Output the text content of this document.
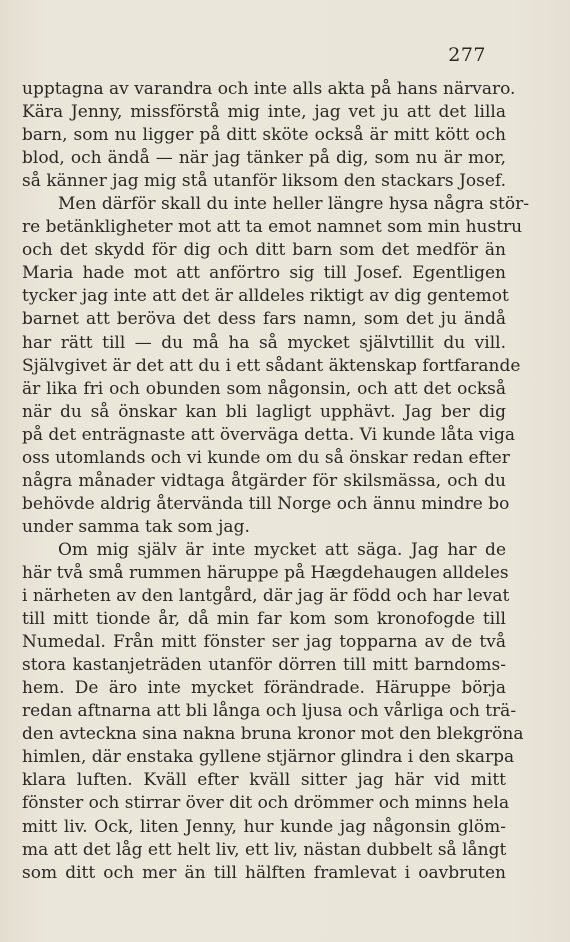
277
upptagna av varandra och inte alls akta på hans närvaro.
Kära Jenny, missförstå mig inte, jag vet ju att det lilla
barn, som nu ligger på ditt sköte också är mitt kött och
blod, och ändå — när jag tänker på dig, som nu är mor,
så känner jag mig stå utanför liksom den stackars Josef.
Men därför skall du inte heller längre hysa några stör-
re betänkligheter mot att ta emot namnet som min hustru
och det skydd för dig och ditt barn som det medför än
Maria hade mot att anförtro sig till Josef. Egentligen
tycker jag inte att det är alldeles riktigt av dig gentemot
barnet att beröva det dess fars namn, som det ju ändå
har rätt till — du må ha så mycket självtillit du vill.
Självgivet är det att du i ett sådant äktenskap fortfarande
är lika fri och obunden som någonsin, och att det också
när du så önskar kan bli lagligt upphävt. Jag ber dig
på det enträgnaste att överväga detta. Vi kunde låta viga
oss utomlands och vi kunde om du så önskar redan efter
några månader vidtaga åtgärder för skilsmässa, och du
behövde aldrig återvända till Norge och ännu mindre bo
under samma tak som jag.
Om mig själv är inte mycket att säga. Jag har de
här två små rummen häruppe på Hægdehaugen alldeles
i närheten av den lantgård, där jag är född och har levat
till mitt tionde år, då min far kom som kronofogde till
Numedal. Från mitt fönster ser jag topparna av de två
stora kastanjeträden utanför dörren till mitt barndoms-
hem. De äro inte mycket förändrade. Häruppe börja
redan aftnarna att bli långa och ljusa och vårliga och trä-
den avteckna sina nakna bruna kronor mot den blekgröna
himlen, där enstaka gyllene stjärnor glindra i den skarpa
klara luften. Kväll efter kväll sitter jag här vid mitt
fönster och stirrar över dit och drömmer och minns hela
mitt liv. Ock, liten Jenny, hur kunde jag någonsin glöm-
ma att det låg ett helt liv, ett liv, nästan dubbelt så långt
som ditt och mer än till hälften framlevat i oavbruten
